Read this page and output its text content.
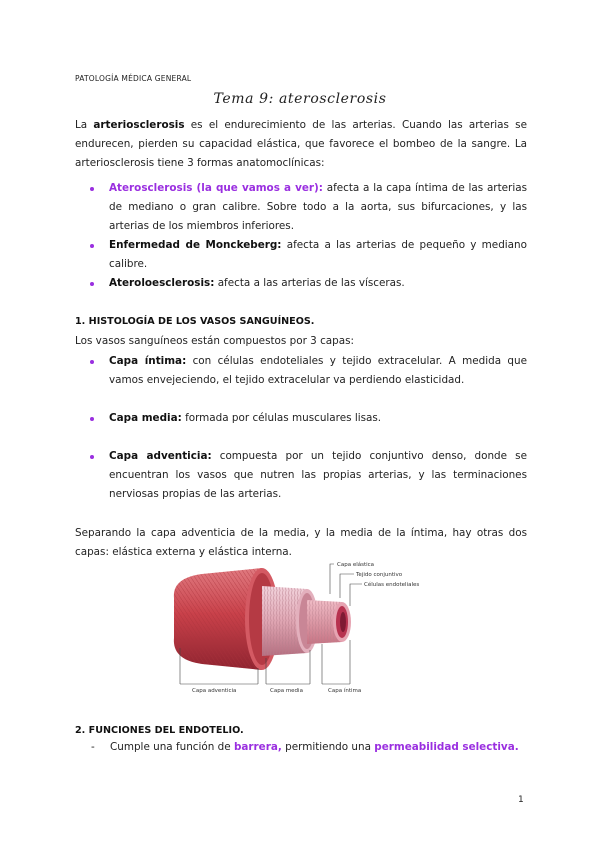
PATOLOGÍA MÉDICA GENERAL
Tema 9: aterosclerosis

La arteriosclerosis es el endurecimiento de las arterias. Cuando las arterias se endurecen, pierden su capacidad elástica, que favorece el bombeo de la sangre. La arteriosclerosis tiene 3 formas anatomoclínicas:

Aterosclerosis (la que vamos a ver): afecta a la capa íntima de las arterias de mediano o gran calibre. Sobre todo a la aorta, sus bifurcaciones, y las arterias de los miembros inferiores.
Enfermedad de Monckeberg: afecta a las arterias de pequeño y mediano calibre.
Ateroloesclerosis: afecta a las arterias de las vísceras.
1. HISTOLOGÍA DE LOS VASOS SANGUÍNEOS.
Los vasos sanguíneos están compuestos por 3 capas:
Capa íntima: con células endoteliales y tejido extracelular. A medida que vamos envejeciendo, el tejido extracelular va perdiendo elasticidad.
Capa media: formada por células musculares lisas.
Capa adventicia: compuesta por un tejido conjuntivo denso, donde se encuentran los vasos que nutren las propias arterias, y las terminaciones nerviosas propias de las arterias.

Separando la capa adventicia de la media, y la media de la íntima, hay otras dos capas: elástica externa y elástica interna.

Capa elástica
Tejido conjuntivo
Células endoteliales
Capa adventicia	Capa media	Capa íntima
2. FUNCIONES DEL ENDOTELIO.
-	Cumple una función de barrera, permitiendo una permeabilidad selectiva.
1
